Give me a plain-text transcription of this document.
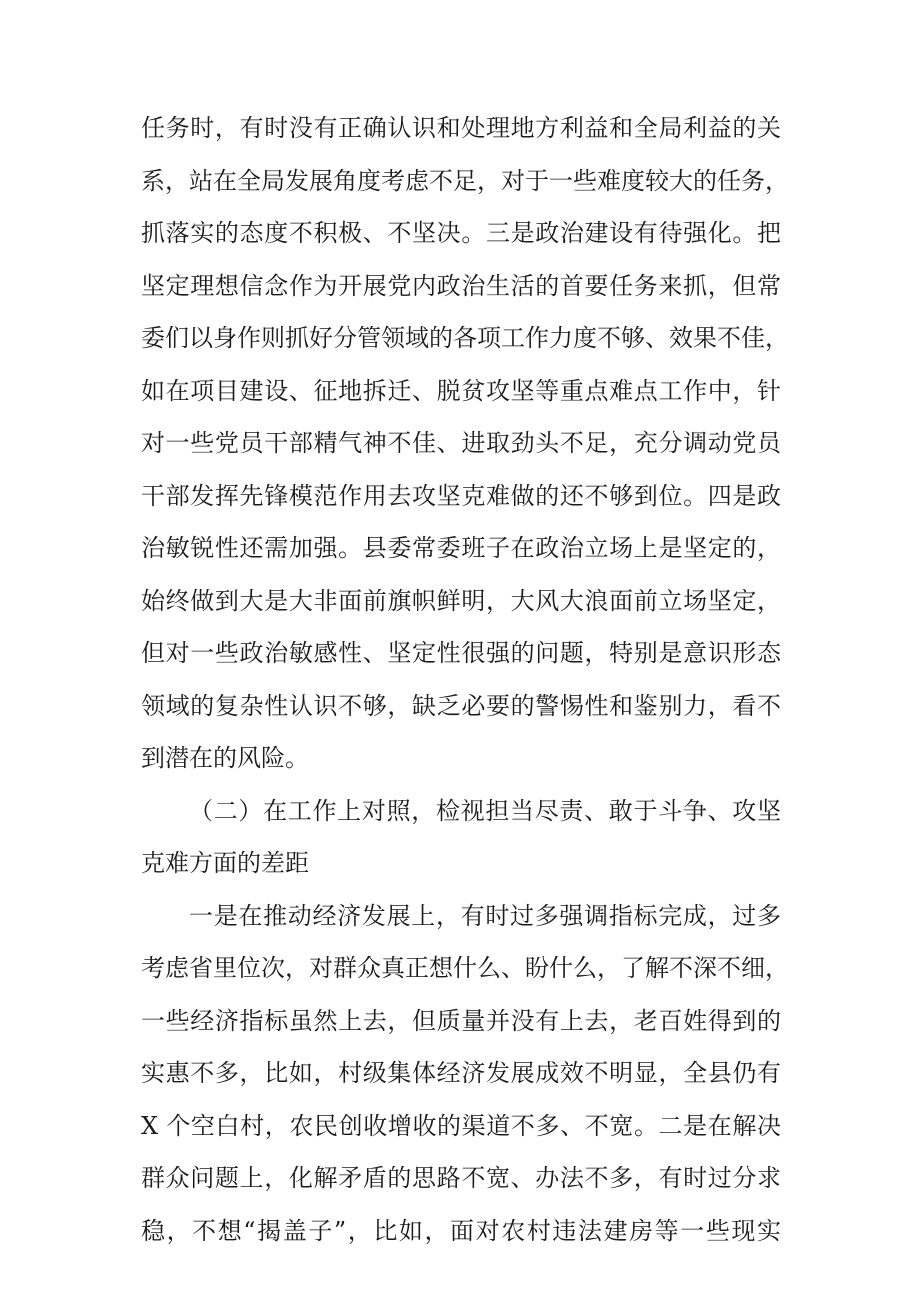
任务时，有时没有正确认识和处理地方利益和全局利益的关
系，站在全局发展角度考虑不足，对于一些难度较大的任务，
抓落实的态度不积极、不坚决。三是政治建设有待强化。把
坚定理想信念作为开展党内政治生活的首要任务来抓，但常
委们以身作则抓好分管领域的各项工作力度不够、效果不佳，
如在项目建设、征地拆迁、脱贫攻坚等重点难点工作中，针
对一些党员干部精气神不佳、进取劲头不足，充分调动党员
干部发挥先锋模范作用去攻坚克难做的还不够到位。四是政
治敏锐性还需加强。县委常委班子在政治立场上是坚定的，
始终做到大是大非面前旗帜鲜明，大风大浪面前立场坚定，
但对一些政治敏感性、坚定性很强的问题，特别是意识形态
领域的复杂性认识不够，缺乏必要的警惕性和鉴别力，看不
到潜在的风险。
（二）在工作上对照，检视担当尽责、敢于斗争、攻坚
克难方面的差距
一是在推动经济发展上，有时过多强调指标完成，过多
考虑省里位次，对群众真正想什么、盼什么，了解不深不细，
一些经济指标虽然上去，但质量并没有上去，老百姓得到的
实惠不多，比如，村级集体经济发展成效不明显，全县仍有
X 个空白村，农民创收增收的渠道不多、不宽。二是在解决
群众问题上，化解矛盾的思路不宽、办法不多，有时过分求
稳，不想“揭盖子”，比如，面对农村违法建房等一些现实
